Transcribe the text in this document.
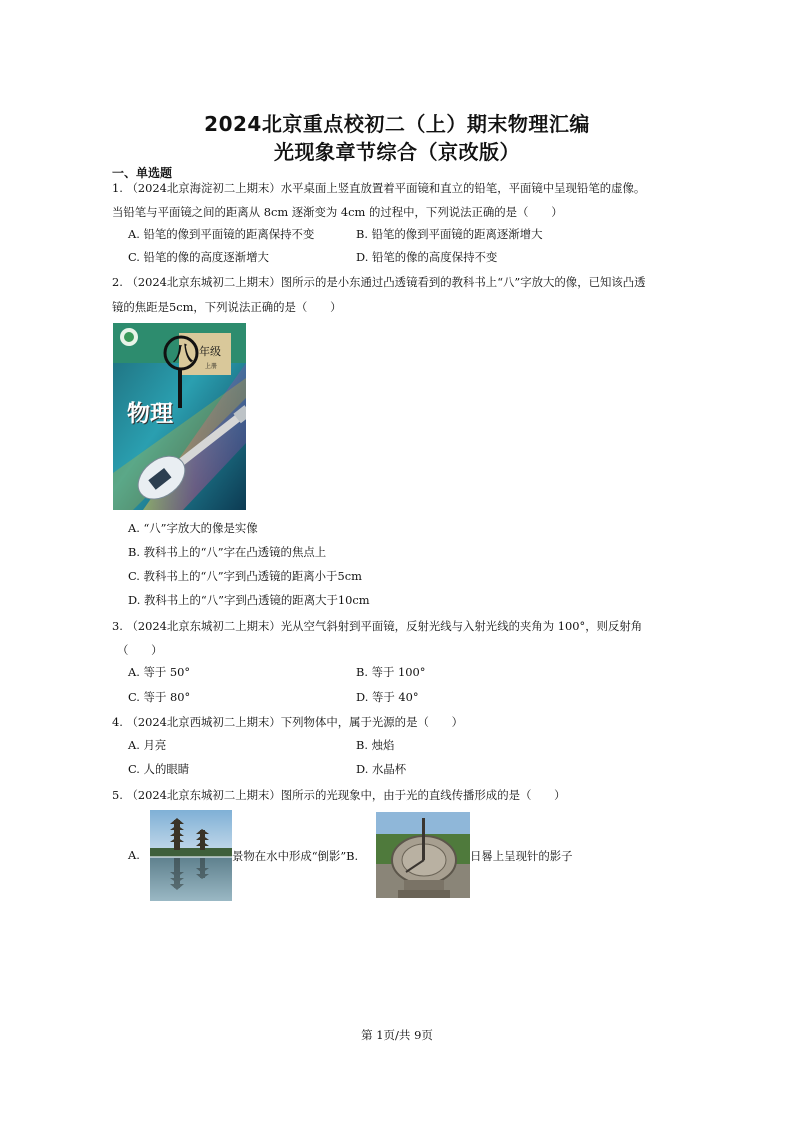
2024北京重点校初二（上）期末物理汇编
光现象章节综合（京改版）
一、单选题
1. （2024北京海淀初二上期末）水平桌面上竖直放置着平面镜和直立的铅笔，平面镜中呈现铅笔的虚像。
当铅笔与平面镜之间的距离从 8cm 逐渐变为 4cm 的过程中，下列说法正确的是（　　）
A. 铅笔的像到平面镜的距离保持不变	B. 铅笔的像到平面镜的距离逐渐增大
C. 铅笔的像的高度逐渐增大	D. 铅笔的像的高度保持不变
2. （2024北京东城初二上期末）图所示的是小东通过凸透镜看到的教科书上“八”字放大的像，已知该凸透
镜的焦距是5cm，下列说法正确的是（　　）
八 年级
上册
物理
A. “八”字放大的像是实像
B. 教科书上的“八”字在凸透镜的焦点上
C. 教科书上的“八”字到凸透镜的距离小于5cm
D. 教科书上的“八”字到凸透镜的距离大于10cm
3. （2024北京东城初二上期末）光从空气斜射到平面镜，反射光线与入射光线的夹角为 100°，则反射角
（　　）
A. 等于 50°	B. 等于 100°
C. 等于 80°	D. 等于 40°
4. （2024北京西城初二上期末）下列物体中，属于光源的是（　　）
A. 月亮	B. 烛焰
C. 人的眼睛	D. 水晶杯
5. （2024北京东城初二上期末）图所示的光现象中，由于光的直线传播形成的是（　　）
A.	景物在水中形成“倒影”B.	日晷上呈现针的影子
第 1页/共 9页
